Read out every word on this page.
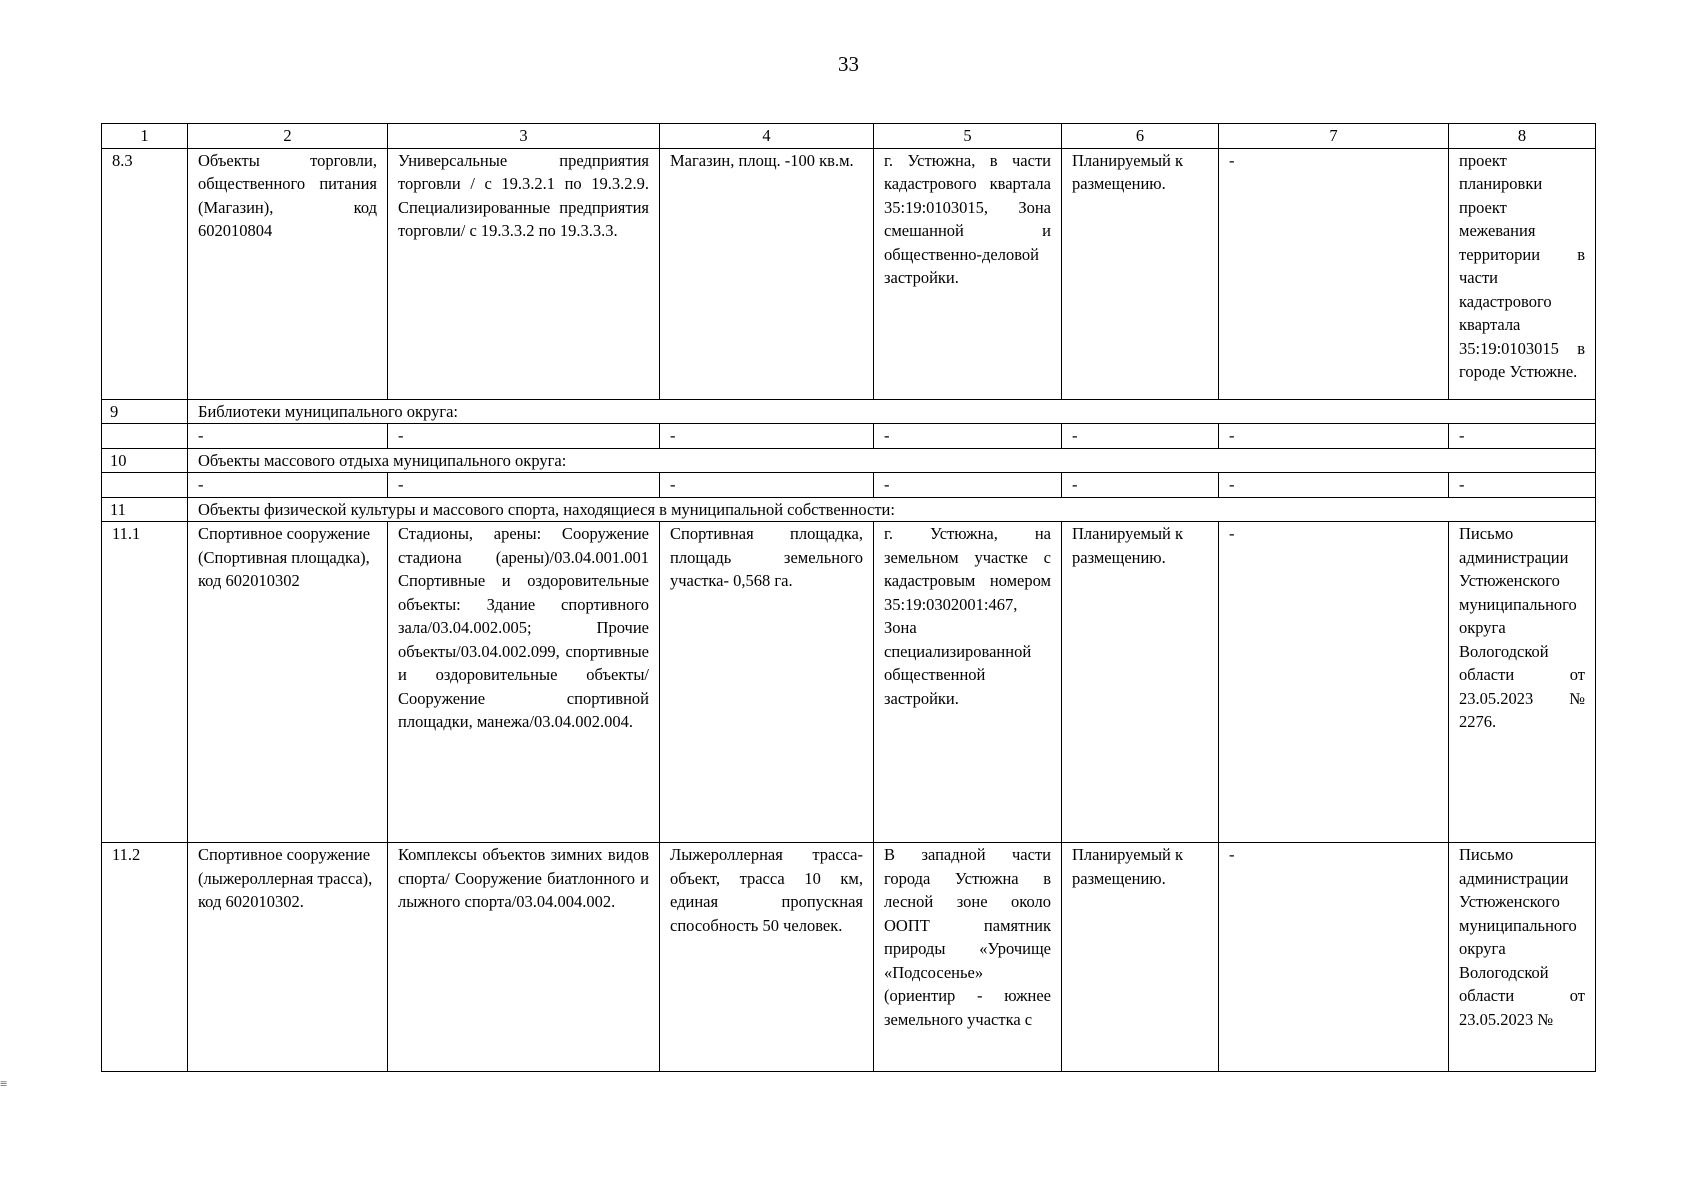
33
1	2	3	4	5	6	7	8
8.3	Объекты торговли, общественного питания (Магазин), код 602010804	Универсальные предприятия торговли / с 19.3.2.1 по 19.3.2.9. Специализированные предприятия торговли/ с 19.3.3.2 по 19.3.3.3.	Магазин, площ. -100 кв.м.	г. Устюжна, в части кадастрового квартала 35:19:0103015, Зона смешанной и общественно-деловой застройки.	Планируемый к размещению.	-	проект планировки проект межевания территории в части кадастрового квартала 35:19:0103015 в городе Устюжне.
9	Библиотеки муниципального округа:						
	-	-	-	-	-	-	-
10	Объекты массового отдыха муниципального округа:						
	-	-	-	-	-	-	-
11	Объекты физической культуры и массового спорта, находящиеся в муниципальной собственности:						
11.1	Спортивное сооружение (Спортивная площадка), код 602010302	Стадионы, арены: Сооружение стадиона (арены)/03.04.001.001 Спортивные и оздоровительные объекты: Здание спортивного зала/03.04.002.005; Прочие объекты/03.04.002.099, спортивные и оздоровительные объекты/ Сооружение спортивной площадки, манежа/03.04.002.004.	Спортивная площадка, площадь земельного участка- 0,568 га.	г. Устюжна, на земельном участке с кадастровым номером 35:19:0302001:467, Зона специализированной общественной застройки.	Планируемый к размещению.	-	Письмо администрации Устюженского муниципального округа Вологодской области от 23.05.2023 № 2276.
11.2	Спортивное сооружение (лыжероллерная трасса), код 602010302.	Комплексы объектов зимних видов спорта/ Сооружение биатлонного и лыжного спорта/03.04.004.002.	Лыжероллерная трасса-объект, трасса 10 км, единая пропускная способность 50 человек.	В западной части города Устюжна в лесной зоне около ООПТ памятник природы «Урочище «Подсосенье» (ориентир - южнее земельного участка с	Планируемый к размещению.	-	Письмо администрации Устюженского муниципального округа Вологодской области от 23.05.2023 №
≡
